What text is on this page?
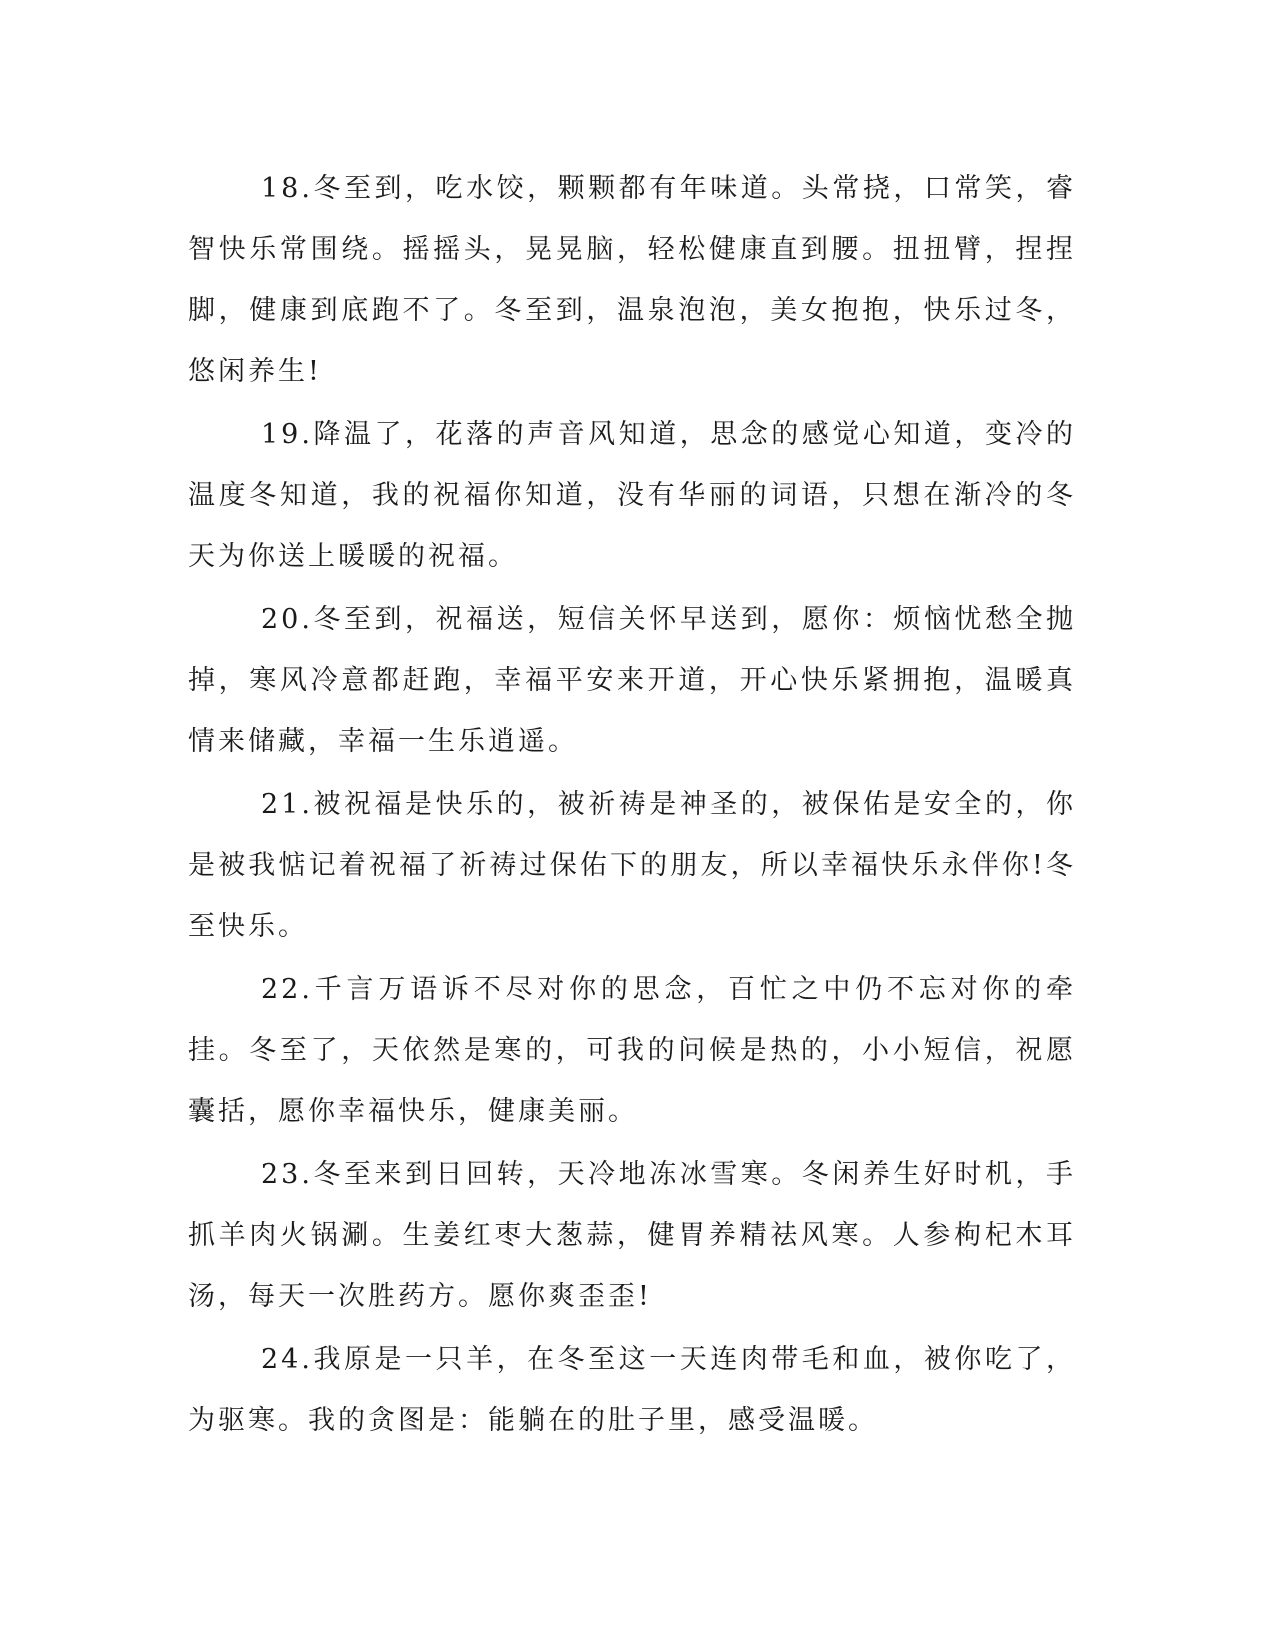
18.冬至到，吃水饺，颗颗都有年味道。头常挠，口常笑，睿智快乐常围绕。摇摇头，晃晃脑，轻松健康直到腰。扭扭臂，捏捏脚，健康到底跑不了。冬至到，温泉泡泡，美女抱抱，快乐过冬，悠闲养生!

19.降温了，花落的声音风知道，思念的感觉心知道，变冷的温度冬知道，我的祝福你知道，没有华丽的词语，只想在渐冷的冬天为你送上暖暖的祝福。

20.冬至到，祝福送，短信关怀早送到，愿你：烦恼忧愁全抛掉，寒风冷意都赶跑，幸福平安来开道，开心快乐紧拥抱，温暖真情来储藏，幸福一生乐逍遥。

21.被祝福是快乐的，被祈祷是神圣的，被保佑是安全的，你是被我惦记着祝福了祈祷过保佑下的朋友，所以幸福快乐永伴你!冬至快乐。

22.千言万语诉不尽对你的思念，百忙之中仍不忘对你的牵挂。冬至了，天依然是寒的，可我的问候是热的，小小短信，祝愿囊括，愿你幸福快乐，健康美丽。

23.冬至来到日回转，天冷地冻冰雪寒。冬闲养生好时机，手抓羊肉火锅涮。生姜红枣大葱蒜，健胃养精祛风寒。人参枸杞木耳汤，每天一次胜药方。愿你爽歪歪!

24.我原是一只羊，在冬至这一天连肉带毛和血，被你吃了，为驱寒。我的贪图是：能躺在的肚子里，感受温暖。
